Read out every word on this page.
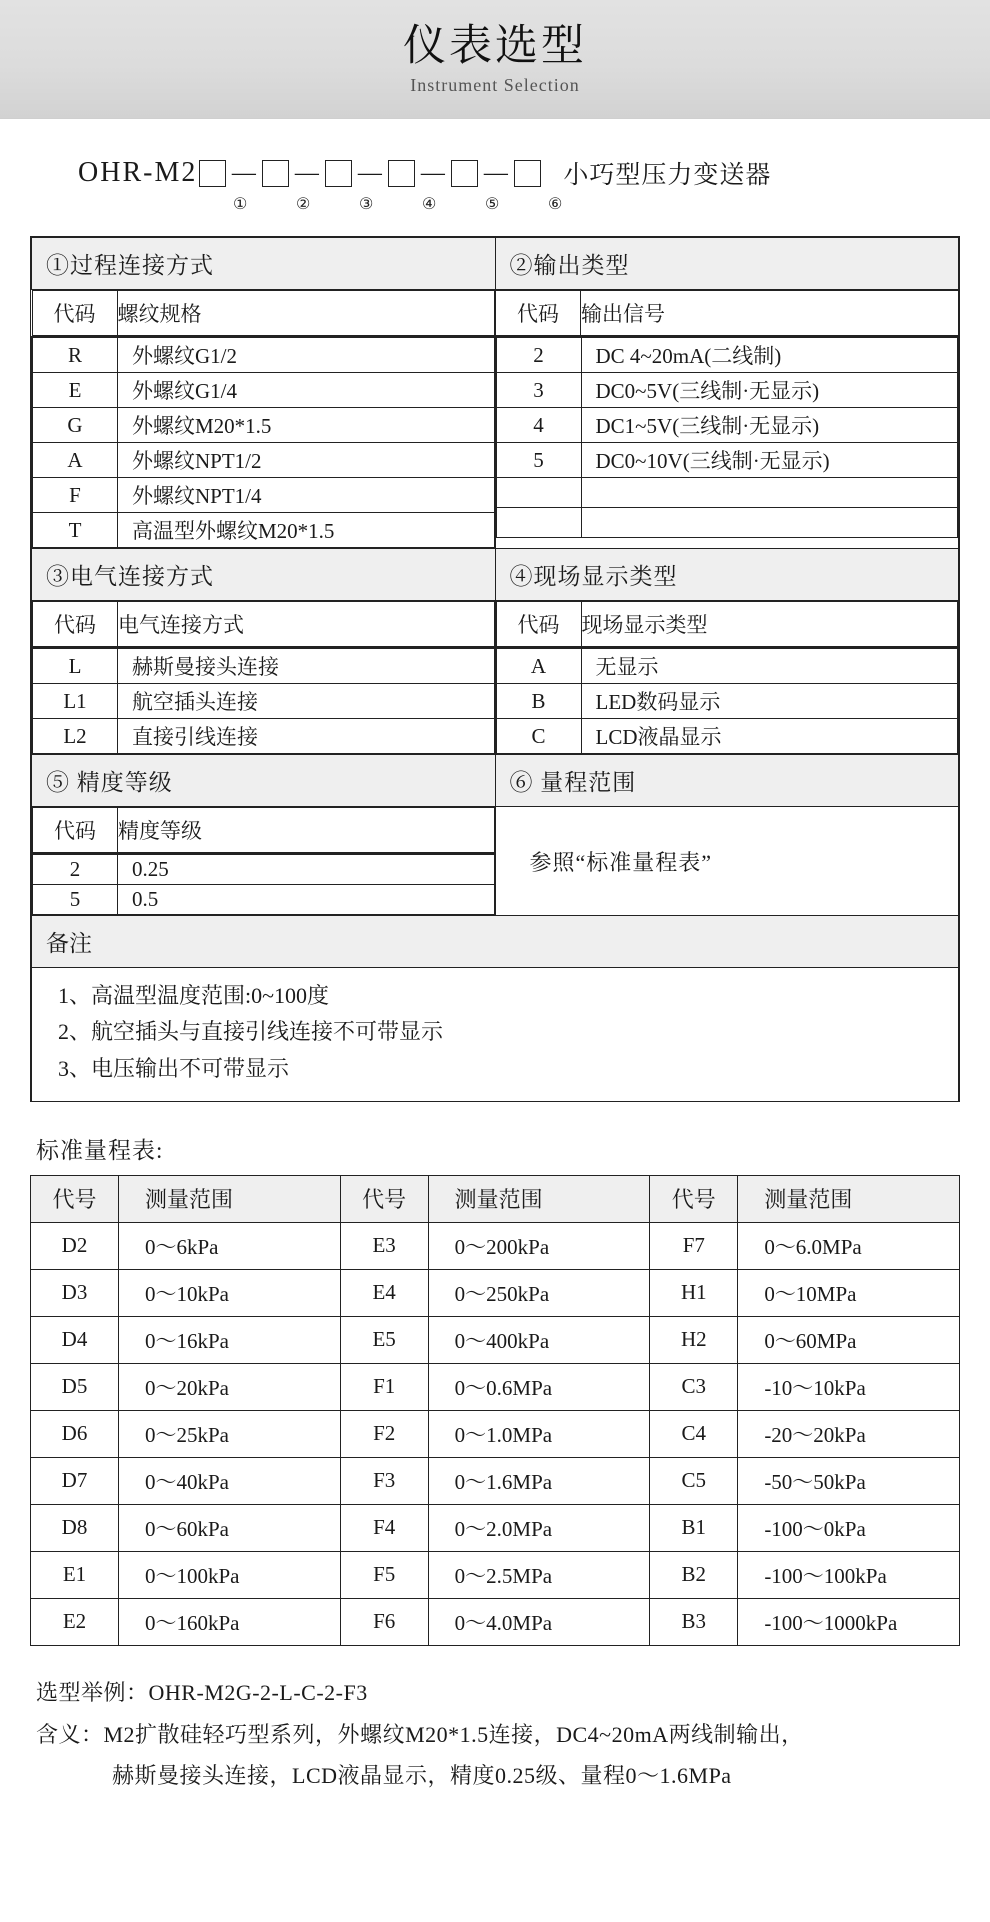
仪表选型
Instrument Selection
OHR-M2 — — — — — 小巧型压力变送器
①	②	③	④	⑤	⑥
①过程连接方式	②输出类型

代码	螺纹规格
		代码	输出信号

R	外螺纹G1/2
E	外螺纹G1/4
G	外螺纹M20*1.5
A	外螺纹NPT1/2
F	外螺纹NPT1/4
T	高温型外螺纹M20*1.5

2	DC 4~20mA(二线制)
3	DC0~5V(三线制·无显示)
4	DC1~5V(三线制·无显示)
5	DC0~10V(三线制·无显示)

③电气连接方式	④现场显示类型

代码	电气连接方式
		代码	现场显示类型

L	赫斯曼接头连接
L1	航空插头连接
L2	直接引线连接

A	无显示
B	LED数码显示
C	LCD液晶显示

⑤ 精度等级	⑥ 量程范围

代码	精度等级
	参照“标准量程表”

2	0.25
5	0.5

备注

1、高温型温度范围:0~100度
2、航空插头与直接引线连接不可带显示
3、电压输出不可带显示
标准量程表:
代号	测量范围	代号	测量范围	代号	测量范围
D2	0～6kPa	E3	0～200kPa	F7	0～6.0MPa
D3	0～10kPa	E4	0～250kPa	H1	0～10MPa
D4	0～16kPa	E5	0～400kPa	H2	0～60MPa
D5	0～20kPa	F1	0～0.6MPa	C3	-10～10kPa
D6	0～25kPa	F2	0～1.0MPa	C4	-20～20kPa
D7	0～40kPa	F3	0～1.6MPa	C5	-50～50kPa
D8	0～60kPa	F4	0～2.0MPa	B1	-100～0kPa
E1	0～100kPa	F5	0～2.5MPa	B2	-100～100kPa
E2	0～160kPa	F6	0～4.0MPa	B3	-100～1000kPa
选型举例：OHR-M2G-2-L-C-2-F3
含义：M2扩散硅轻巧型系列，外螺纹M20*1.5连接，DC4~20mA两线制输出，
赫斯曼接头连接，LCD液晶显示，精度0.25级、量程0～1.6MPa
